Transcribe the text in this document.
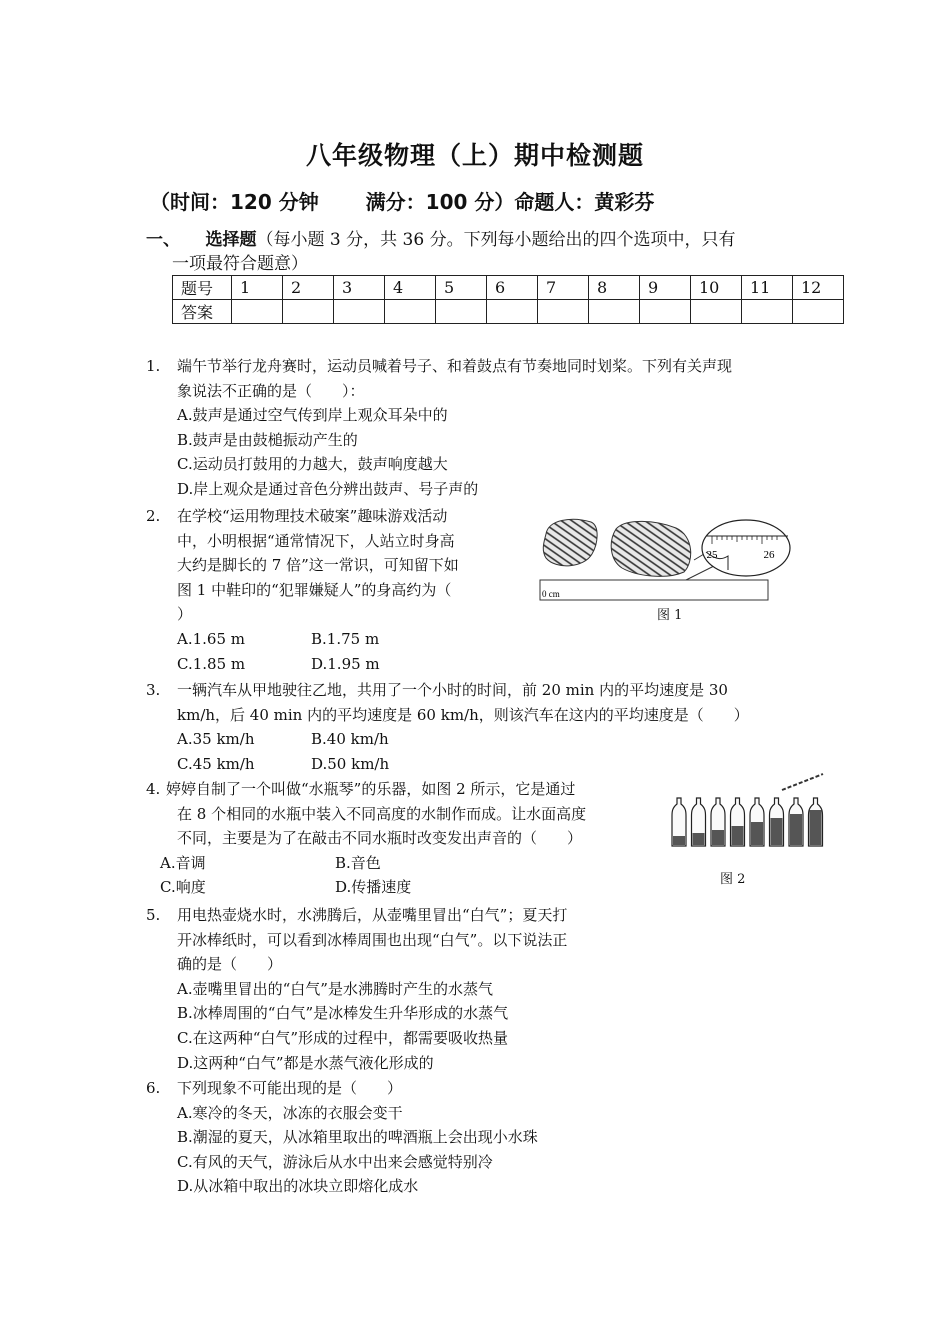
八年级物理（上）期中检测题
（时间：120 分钟　　 满分：100 分）命题人：黄彩芬
一、　　选择题（每小题 3 分，共 36 分。下列每小题给出的四个选项中，只有
一项最符合题意）
题号	1	2	3	4	5	6	7	8	9	10	11	12
答案												
1. 端午节举行龙舟赛时，运动员喊着号子、和着鼓点有节奏地同时划桨。下列有关声现
象说法不正确的是（　　）：
A.鼓声是通过空气传到岸上观众耳朵中的
B.鼓声是由鼓槌振动产生的
C.运动员打鼓用的力越大，鼓声响度越大
D.岸上观众是通过音色分辨出鼓声、号子声的
2. 在学校“运用物理技术破案”趣味游戏活动
中，小明根据“通常情况下，人站立时身高
大约是脚长的 7 倍”这一常识，可知留下如
图 1 中鞋印的“犯罪嫌疑人”的身高约为（
）
A.1.65 m	B.1.75 m
C.1.85 m	D.1.95 m
25	26
0 cm
图 1
3. 一辆汽车从甲地驶往乙地，共用了一个小时的时间，前 20 min 内的平均速度是 30
km/h，后 40 min 内的平均速度是 60 km/h，则该汽车在这内的平均速度是（　　）
A.35 km/h	B.40 km/h
C.45 km/h	D.50 km/h
4. 婷婷自制了一个叫做“水瓶琴”的乐器，如图 2 所示，它是通过
在 8 个相同的水瓶中装入不同高度的水制作而成。让水面高度
不同，主要是为了在敲击不同水瓶时改变发出声音的（　　）
A.音调	B.音色
C.响度	D.传播速度	图 2
5. 用电热壶烧水时，水沸腾后，从壶嘴里冒出“白气”；夏天打
开冰棒纸时，可以看到冰棒周围也出现“白气”。以下说法正
确的是（　　）
A.壶嘴里冒出的“白气”是水沸腾时产生的水蒸气
B.冰棒周围的“白气”是冰棒发生升华形成的水蒸气
C.在这两种“白气”形成的过程中，都需要吸收热量
D.这两种“白气”都是水蒸气液化形成的
6. 下列现象不可能出现的是（　　）
A.寒冷的冬天，冰冻的衣服会变干
B.潮湿的夏天，从冰箱里取出的啤酒瓶上会出现小水珠
C.有风的天气，游泳后从水中出来会感觉特别冷
D.从冰箱中取出的冰块立即熔化成水
